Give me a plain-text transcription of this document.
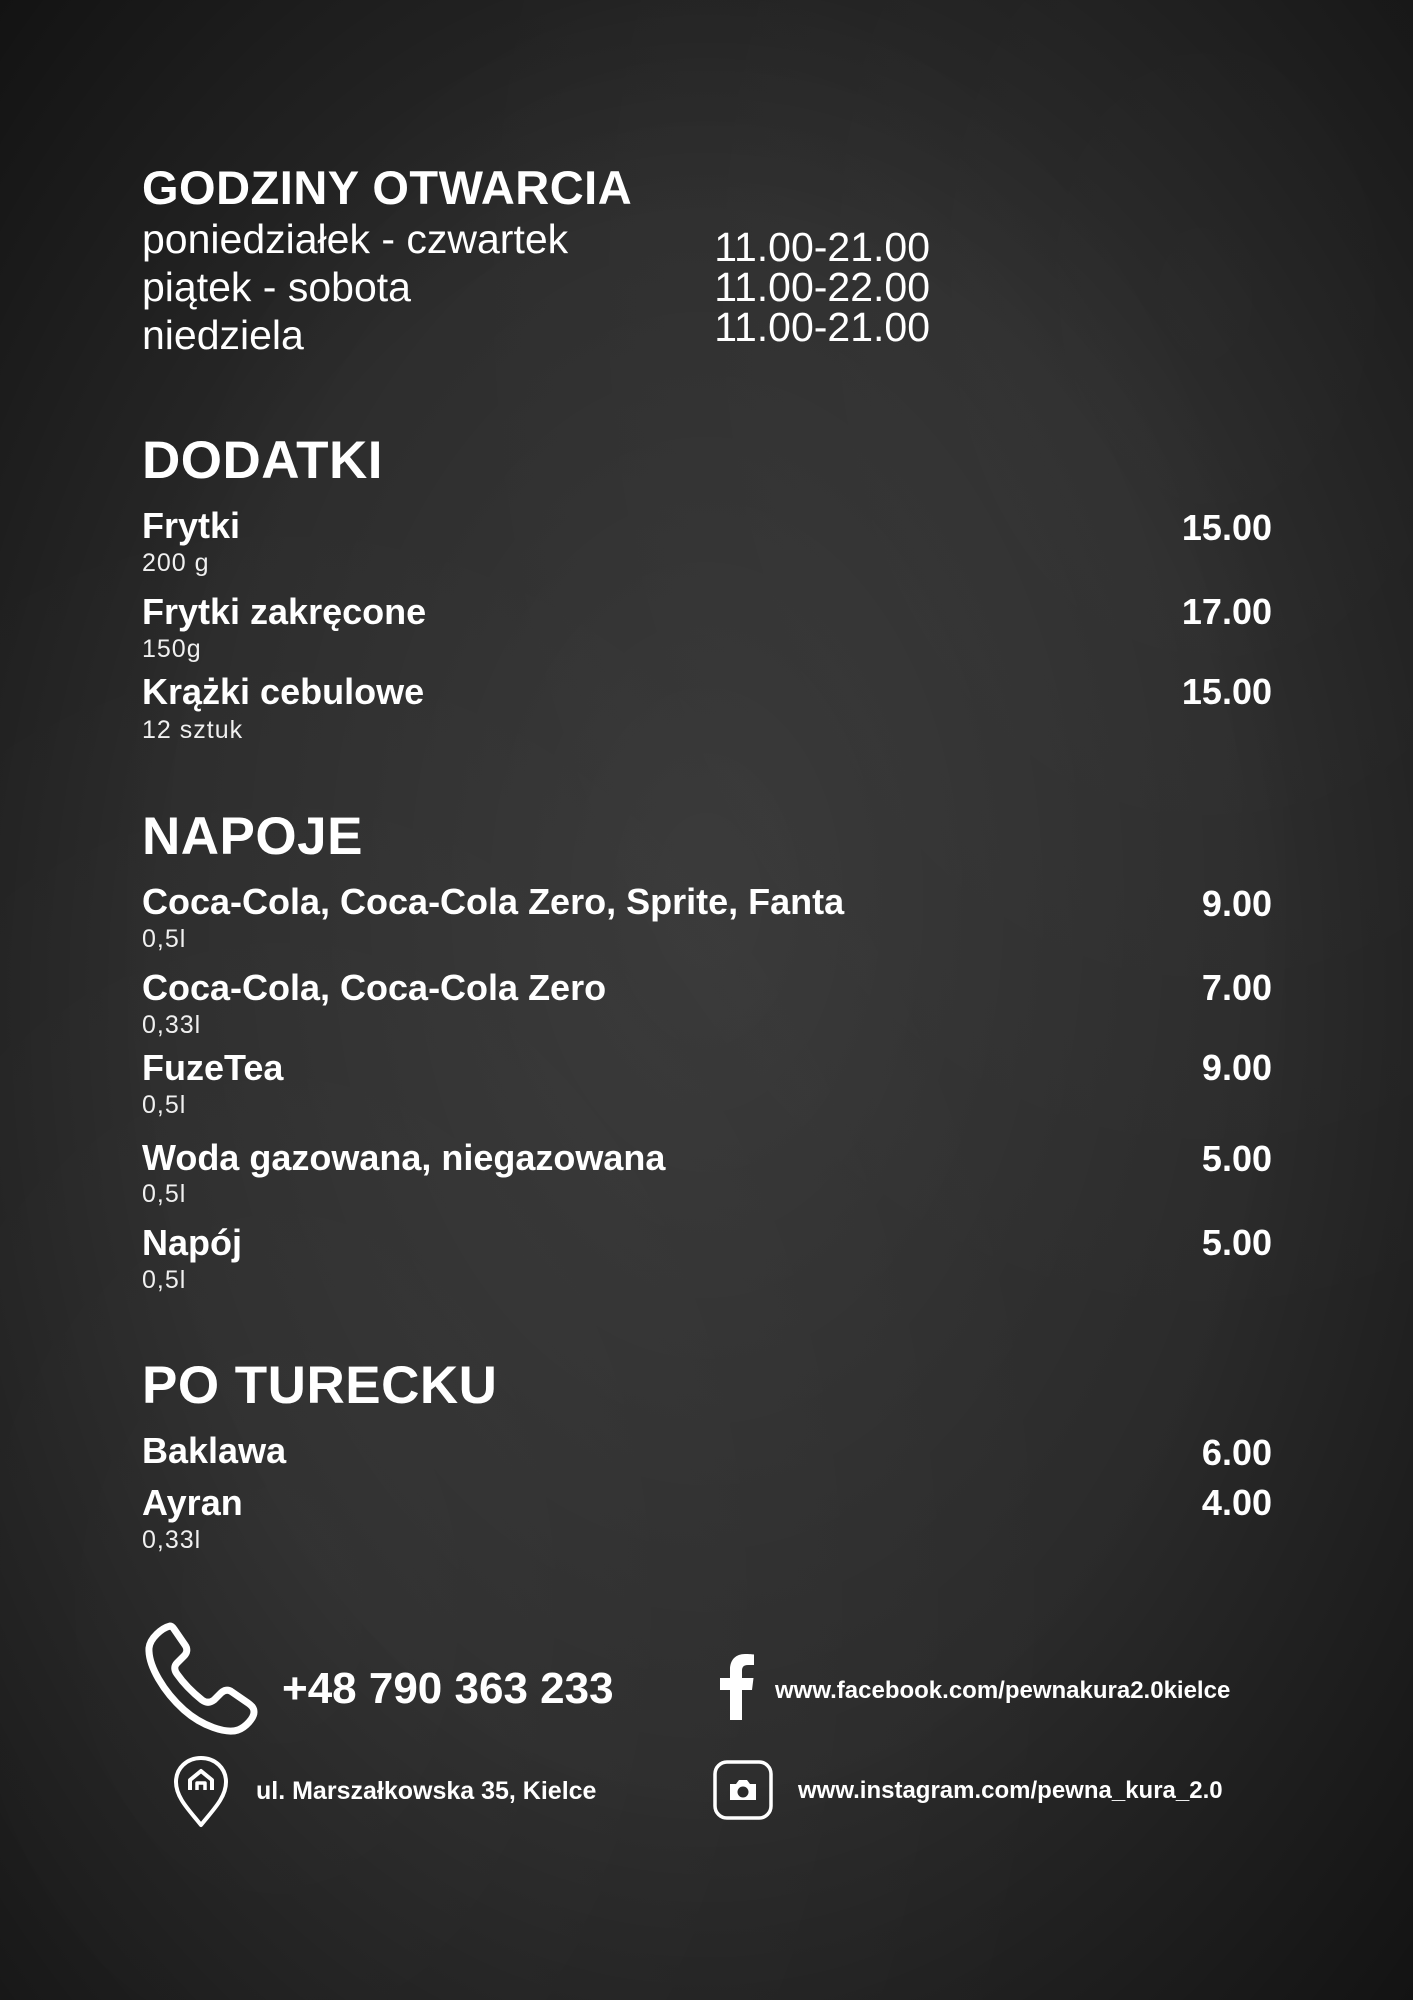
GODZINY OTWARCIA
poniedziałek - czwartek
piątek - sobota
niedziela
11.00-21.00
11.00-22.00
11.00-21.00
DODATKI
Frytki
200 g
15.00
Frytki zakręcone
150g
17.00
Krążki cebulowe
12 sztuk
15.00
NAPOJE
Coca-Cola, Coca-Cola Zero, Sprite, Fanta
0,5l
9.00
Coca-Cola, Coca-Cola Zero
0,33l
7.00
FuzeTea
0,5l
9.00
Woda gazowana, niegazowana
0,5l
5.00
Napój
0,5l
5.00
PO TURECKU
Baklawa	6.00
Ayran
0,33l
4.00
+48 790 363 233
ul. Marszałkowska 35, Kielce
www.facebook.com/pewnakura2.0kielce
www.instagram.com/pewna_kura_2.0
